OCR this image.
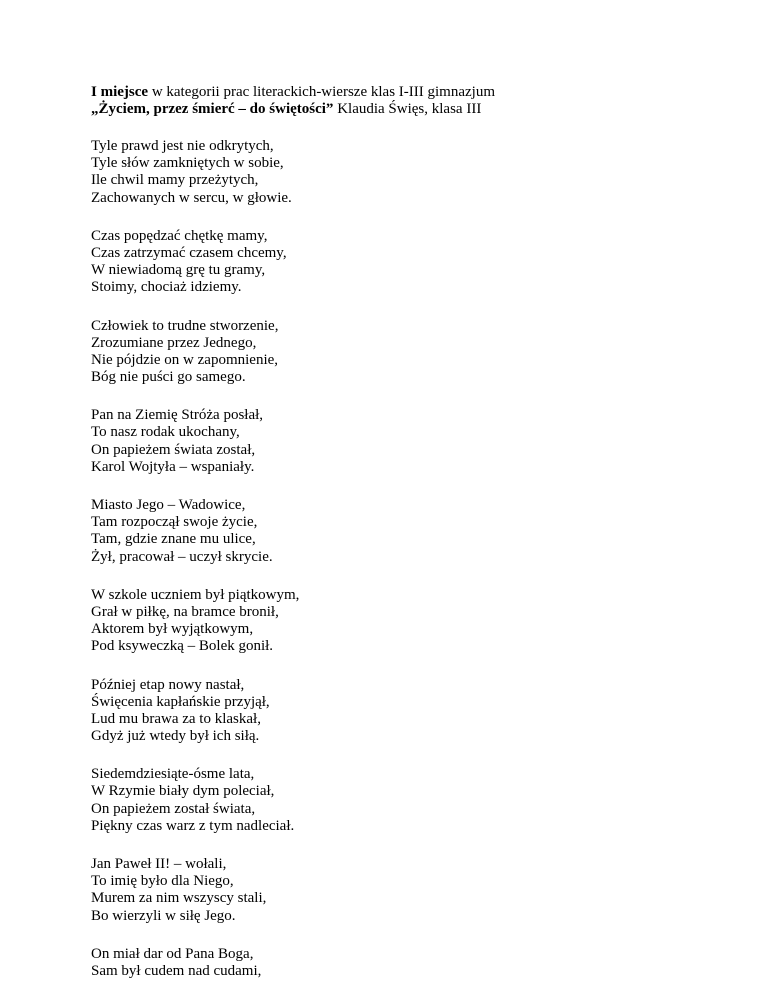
I miejsce w kategorii prac literackich-wiersze klas I-III gimnazjum
„Życiem, przez śmierć – do świętości” Klaudia Święs, klasa III
Tyle prawd jest nie odkrytych,
Tyle słów zamkniętych w sobie,
Ile chwil mamy przeżytych,
Zachowanych w sercu, w głowie.
Czas popędzać chętkę mamy,
Czas zatrzymać czasem chcemy,
W niewiadomą grę tu gramy,
Stoimy, chociaż idziemy.
Człowiek to trudne stworzenie,
Zrozumiane przez Jednego,
Nie pójdzie on w zapomnienie,
Bóg nie puści go samego.
Pan na Ziemię Stróża posłał,
To nasz rodak ukochany,
On papieżem świata został,
Karol Wojtyła – wspaniały.
Miasto Jego – Wadowice,
Tam rozpoczął swoje życie,
Tam, gdzie znane mu ulice,
Żył, pracował – uczył skrycie.
W szkole uczniem był piątkowym,
Grał w piłkę, na bramce bronił,
Aktorem był wyjątkowym,
Pod ksyweczką – Bolek gonił.
Później etap nowy nastał,
Święcenia kapłańskie przyjął,
Lud mu brawa za to klaskał,
Gdyż już wtedy był ich siłą.
Siedemdziesiąte-ósme lata,
W Rzymie biały dym poleciał,
On papieżem został świata,
Piękny czas warz z tym nadleciał.
Jan Paweł II! – wołali,
To imię było dla Niego,
Murem za nim wszyscy stali,
Bo wierzyli w siłę Jego.
On miał dar od Pana Boga,
Sam był cudem nad cudami,
